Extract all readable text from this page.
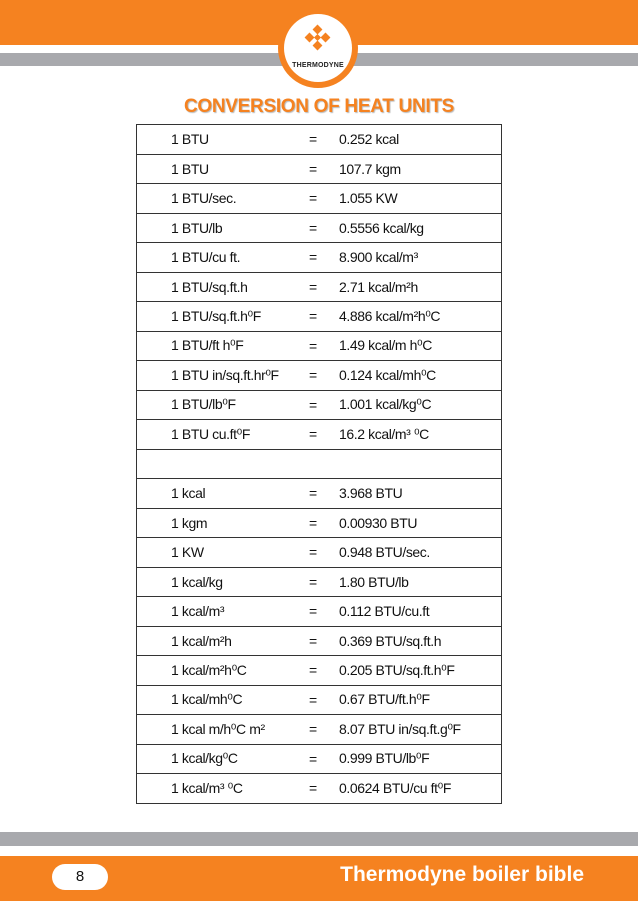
THERMODYNE
CONVERSION OF HEAT UNITS
1 BTU	=	0.252 kcal
1 BTU	=	107.7 kgm
1 BTU/sec.	=	1.055 KW
1 BTU/lb	=	0.5556 kcal/kg
1 BTU/cu ft.	=	8.900 kcal/m³
1 BTU/sq.ft.h	=	2.71 kcal/m²h
1 BTU/sq.ft.h⁰F	=	4.886 kcal/m²h⁰C
1 BTU/ft h⁰F	=	1.49 kcal/m h⁰C
1 BTU in/sq.ft.hr⁰F	=	0.124 kcal/mh⁰C
1 BTU/lb⁰F	=	1.001 kcal/kg⁰C
1 BTU cu.ft⁰F	=	16.2 kcal/m³ ⁰C

1 kcal	=	3.968 BTU
1 kgm	=	0.00930 BTU
1 KW	=	0.948 BTU/sec.
1 kcal/kg	=	1.80 BTU/lb
1 kcal/m³	=	0.112 BTU/cu.ft
1 kcal/m²h	=	0.369 BTU/sq.ft.h
1 kcal/m²h⁰C	=	0.205 BTU/sq.ft.h⁰F
1 kcal/mh⁰C	=	0.67 BTU/ft.h⁰F
1 kcal m/h⁰C m²	=	8.07 BTU in/sq.ft.g⁰F
1 kcal/kg⁰C	=	0.999 BTU/lb⁰F
1 kcal/m³ ⁰C	=	0.0624 BTU/cu ft⁰F
8	Thermodyne boiler bible
